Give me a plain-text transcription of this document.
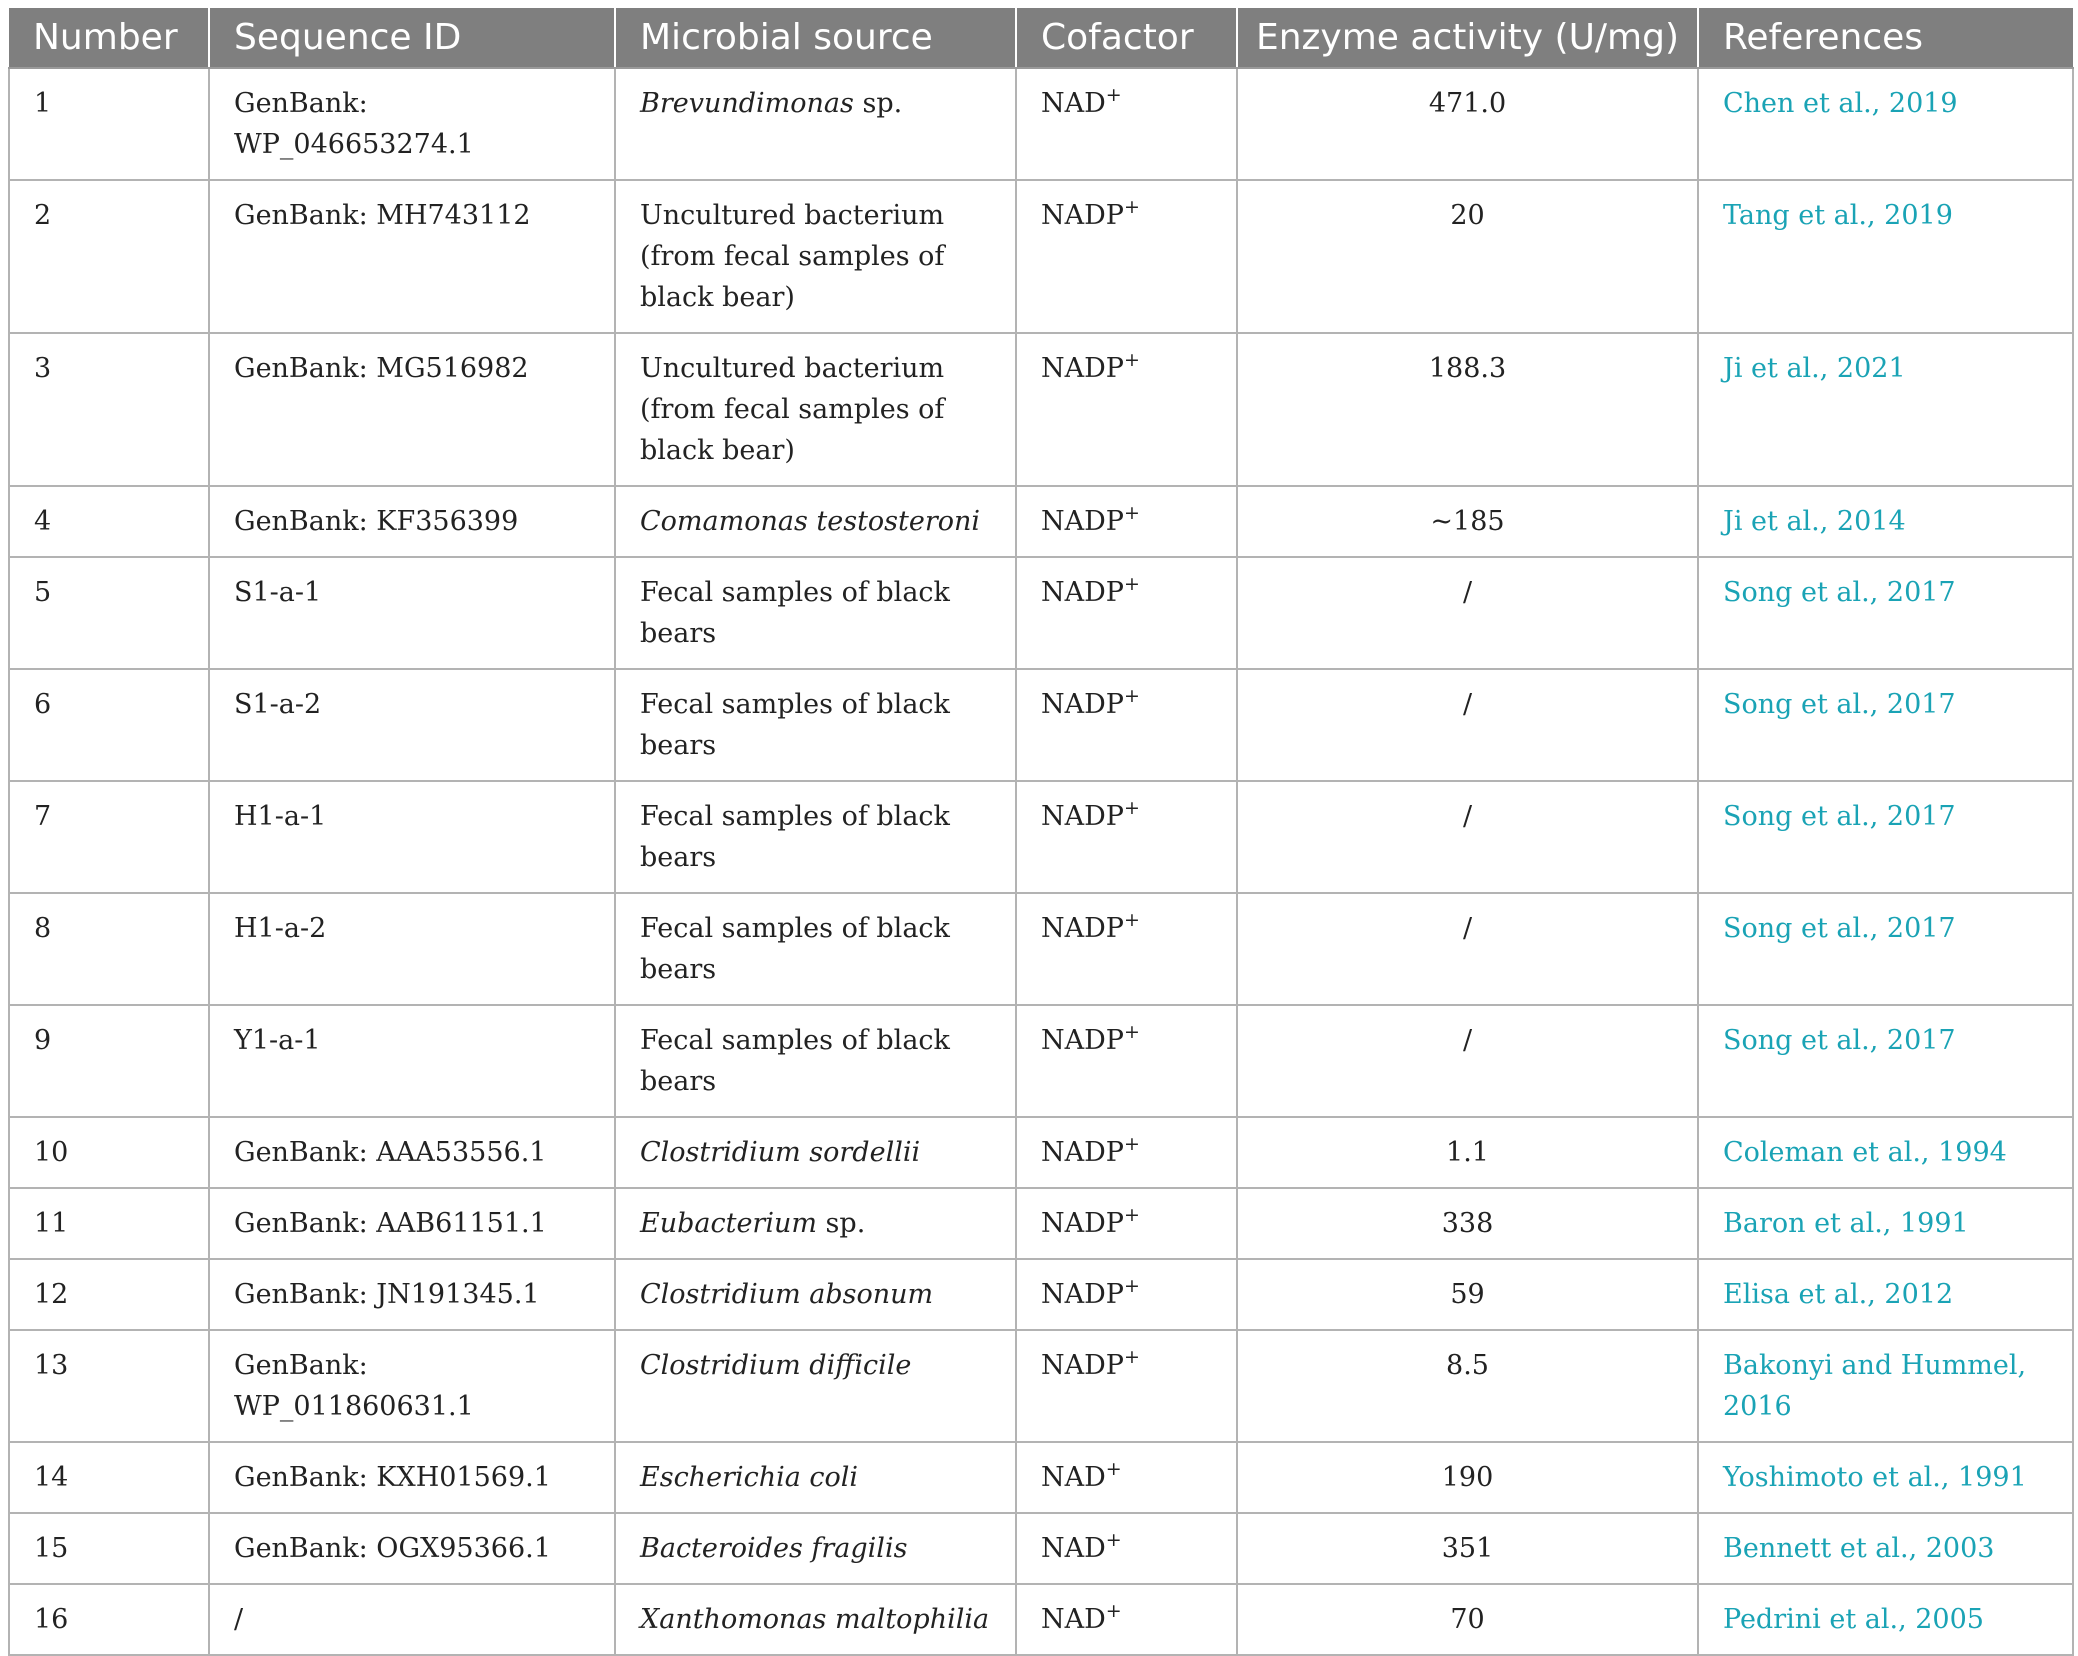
Number	Sequence ID	Microbial source	Cofactor	Enzyme activity (U/mg)	References
1	GenBank: WP_046653274.1	Brevundimonas sp.	NAD+	471.0	Chen et al., 2019
2	GenBank: MH743112	Uncultured bacterium (from fecal samples of black bear)	NADP+	20	Tang et al., 2019
3	GenBank: MG516982	Uncultured bacterium (from fecal samples of black bear)	NADP+	188.3	Ji et al., 2021
4	GenBank: KF356399	Comamonas testosteroni	NADP+	~185	Ji et al., 2014
5	S1-a-1	Fecal samples of black bears	NADP+	/	Song et al., 2017
6	S1-a-2	Fecal samples of black bears	NADP+	/	Song et al., 2017
7	H1-a-1	Fecal samples of black bears	NADP+	/	Song et al., 2017
8	H1-a-2	Fecal samples of black bears	NADP+	/	Song et al., 2017
9	Y1-a-1	Fecal samples of black bears	NADP+	/	Song et al., 2017
10	GenBank: AAA53556.1	Clostridium sordellii	NADP+	1.1	Coleman et al., 1994
11	GenBank: AAB61151.1	Eubacterium sp.	NADP+	338	Baron et al., 1991
12	GenBank: JN191345.1	Clostridium absonum	NADP+	59	Elisa et al., 2012
13	GenBank: WP_011860631.1	Clostridium difficile	NADP+	8.5	Bakonyi and Hummel, 2016
14	GenBank: KXH01569.1	Escherichia coli	NAD+	190	Yoshimoto et al., 1991
15	GenBank: OGX95366.1	Bacteroides fragilis	NAD+	351	Bennett et al., 2003
16	/	Xanthomonas maltophilia	NAD+	70	Pedrini et al., 2005
